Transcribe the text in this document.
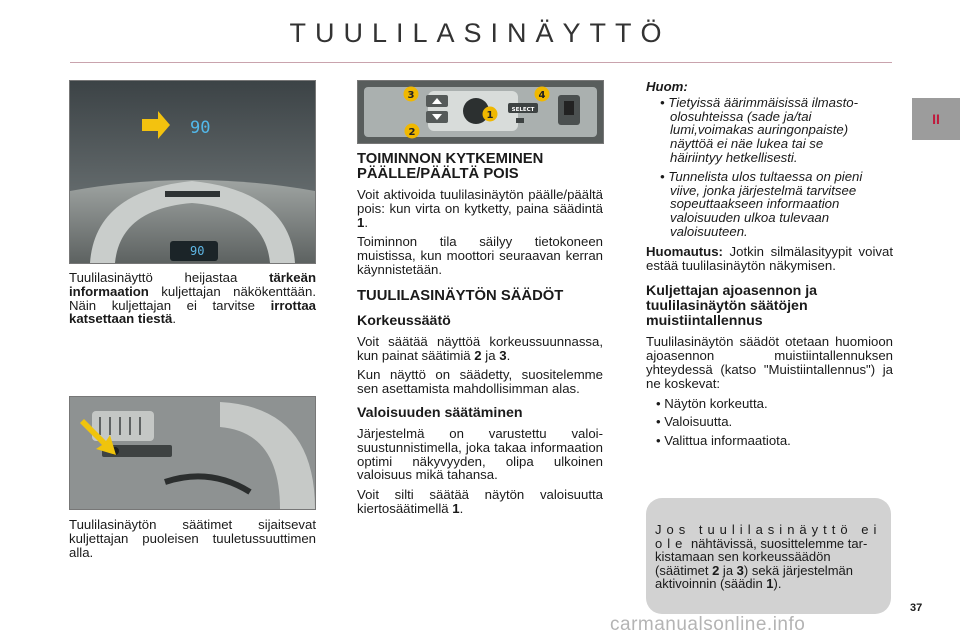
TUULILASINÄYTTÖ
II
90
90

Tuulilasinäyttö heijastaa tärkeän informaation kuljettajan näkökenttään. Näin kuljettajan ei tarvitse irrottaa katsettaan tiestä.

Tuulilasinäytön säätimet sijaitsevat kuljettajan puoleisen tuuletussuuttimen alla.

SELECT
3	4
1
2
TOIMINNON KYTKEMINEN PÄÄLLE/PÄÄLTÄ POIS

Voit aktivoida tuulilasinäytön päälle/päältä pois: kun virta on kytketty, paina säädintä 1.

Toiminnon tila säilyy tietokoneen muistissa, kun moottori seuraavan kerran käynnistetään.

TUULILASINÄYTÖN SÄÄDÖT
Korkeussäätö

Voit säätää näyttöä korkeussuunnassa, kun painat säätimiä 2 ja 3.

Kun näyttö on säädetty, suositelemme sen asettamista mahdollisimman alas.

Valoisuuden säätäminen

Järjestelmä on varustettu valoisuustunnistimella, joka takaa informaation optimi näkyvyyden, olipa ulkoinen valoisuus mikä tahansa.

Voit silti säätää näytön valoisuutta kiertosäätimellä 1.

Huom:
• Tietyissä äärimmäisissä ilmasto-olosuhteissa (sade ja/tai lumi,voimakas auringonpaiste) näyttöä ei näe lukea tai se häiriintyy hetkellisesti.
• Tunnelista ulos tultaessa on pieni viive, jonka järjestelmä tarvitsee sopeuttaakseen informaation valoisuuden ulkoa tulevaan valoisuuteen.

Huomautus: Jotkin silmälasityypit voivat estää tuulilasinäytön näkymisen.

Kuljettajan ajoasennon ja tuulilasinäytön säätöjen muistiintallennus

Tuulilasinäytön säädöt otetaan huomioon ajoasennon muistiintallennuksen yhteydessä (katso "Muistiintallennus") ja ne koskevat:

• Näytön korkeutta.
• Valoisuutta.
• Valittua informaatiota.
Jos tuulilasinäyttö ei ole nähtävissä, suosittelemme tarkistamaan sen korkeussäädön (säätimet 2 ja 3) sekä järjestelmän aktivoinnin (säädin 1).
37
carmanualsonline.info
